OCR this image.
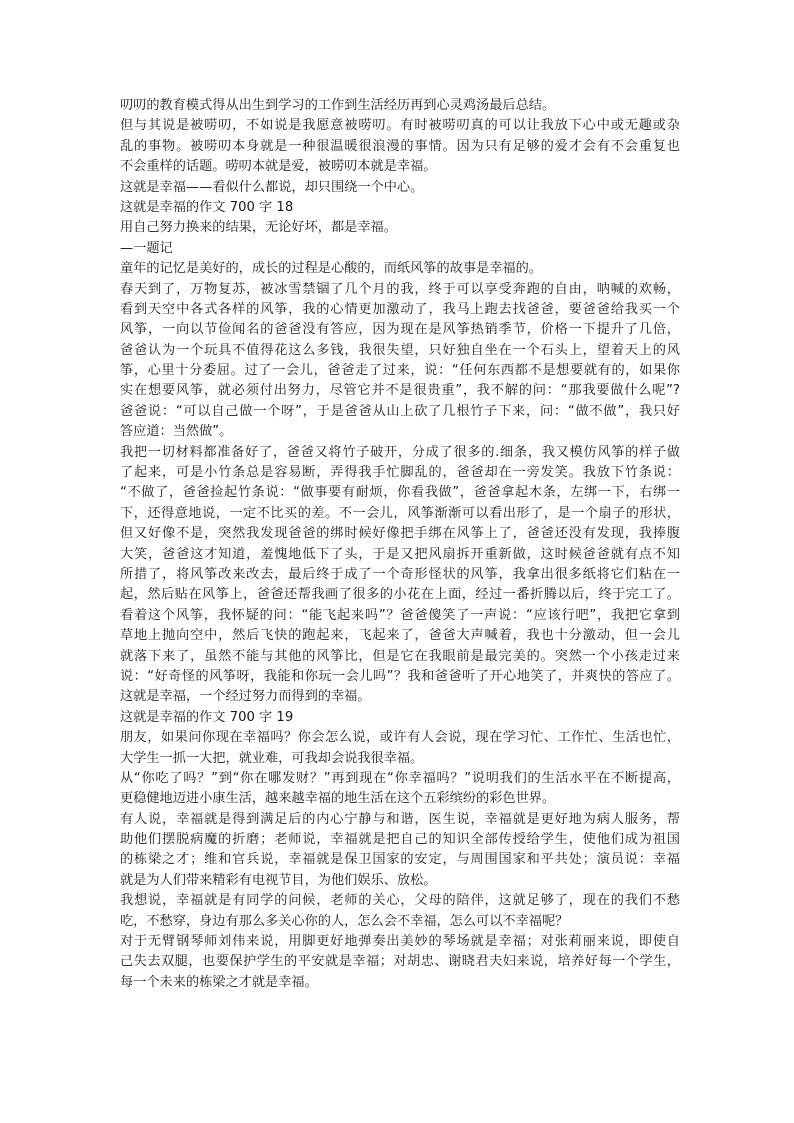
叨叨的教育模式得从出生到学习的工作到生活经历再到心灵鸡汤最后总结。
但与其说是被唠叨，不如说是我愿意被唠叨。有时被唠叨真的可以让我放下心中或无趣或杂
乱的事物。被唠叨本身就是一种很温暖很浪漫的事情。因为只有足够的爱才会有不会重复也
不会重样的话题。唠叨本就是爱，被唠叨本就是幸福。
这就是幸福——看似什么都说，却只围绕一个中心。
这就是幸福的作文 700 字 18
用自己努力换来的结果，无论好坏，都是幸福。
—一题记
童年的记忆是美好的，成长的过程是心酸的，而纸风筝的故事是幸福的。
春天到了，万物复苏，被冰雪禁锢了几个月的我，终于可以享受奔跑的自由，呐喊的欢畅，
看到天空中各式各样的风筝，我的心情更加激动了，我马上跑去找爸爸，要爸爸给我买一个
风筝，一向以节俭闻名的爸爸没有答应，因为现在是风筝热销季节，价格一下提升了几倍，
爸爸认为一个玩具不值得花这么多钱，我很失望，只好独自坐在一个石头上，望着天上的风
筝，心里十分委屈。过了一会儿，爸爸走了过来，说：“任何东西都不是想要就有的，如果你
实在想要风筝，就必须付出努力，尽管它并不是很贵重”，我不解的问：“那我要做什么呢”?
爸爸说：“可以自己做一个呀”，于是爸爸从山上砍了几根竹子下来，问：“做不做”，我只好
答应道：当然做”。
我把一切材料都准备好了，爸爸又将竹子破开，分成了很多的.细条，我又模仿风筝的样子做
了起来，可是小竹条总是容易断，弄得我手忙脚乱的，爸爸却在一旁发笑。我放下竹条说：
“不做了，爸爸捡起竹条说：“做事要有耐烦，你看我做”，爸爸拿起木条，左绑一下，右绑一
下，还得意地说，一定不比买的差。不一会儿，风筝渐渐可以看出形了，是一个扇子的形状，
但又好像不是，突然我发现爸爸的绑时候好像把手绑在风筝上了，爸爸还没有发现，我捧腹
大笑，爸爸这才知道，羞愧地低下了头，于是又把风扇拆开重新做，这时候爸爸就有点不知
所措了，将风筝改来改去，最后终于成了一个奇形怪状的风筝，我拿出很多纸将它们粘在一
起，然后贴在风筝上，爸爸还帮我画了很多的小花在上面，经过一番折腾以后，终于完工了。
看着这个风筝，我怀疑的问：“能飞起来吗”？爸爸傻笑了一声说：“应该行吧”，我把它拿到
草地上抛向空中，然后飞快的跑起来，飞起来了，爸爸大声喊着，我也十分激动，但一会儿
就落下来了，虽然不能与其他的风筝比，但是它在我眼前是最完美的。突然一个小孩走过来
说：“好奇怪的风筝呀，我能和你玩一会儿吗”？我和爸爸听了开心地笑了，并爽快的答应了。
这就是幸福，一个经过努力而得到的幸福。
这就是幸福的作文 700 字 19
朋友，如果问你现在幸福吗？你会怎么说，或许有人会说，现在学习忙、工作忙、生活也忙，
大学生一抓一大把，就业难，可我却会说我很幸福。
从“你吃了吗？”到“你在哪发财？”再到现在“你幸福吗？”说明我们的生活水平在不断提高，
更稳健地迈进小康生活，越来越幸福的地生活在这个五彩缤纷的彩色世界。
有人说，幸福就是得到满足后的内心宁静与和谐，医生说，幸福就是更好地为病人服务，帮
助他们摆脱病魔的折磨；老师说，幸福就是把自己的知识全部传授给学生，使他们成为祖国
的栋梁之才；维和官兵说，幸福就是保卫国家的安定，与周围国家和平共处；演员说：幸福
就是为人们带来精彩有电视节目，为他们娱乐、放松。
我想说，幸福就是有同学的问候，老师的关心，父母的陪伴，这就足够了，现在的我们不愁
吃，不愁穿，身边有那么多关心你的人，怎么会不幸福，怎么可以不幸福呢？
对于无臂钢琴师刘伟来说，用脚更好地弹奏出美妙的琴场就是幸福；对张莉丽来说，即使自
己失去双腿，也要保护学生的平安就是幸福；对胡忠、谢晓君夫妇来说，培养好每一个学生，
每一个未来的栋梁之才就是幸福。
